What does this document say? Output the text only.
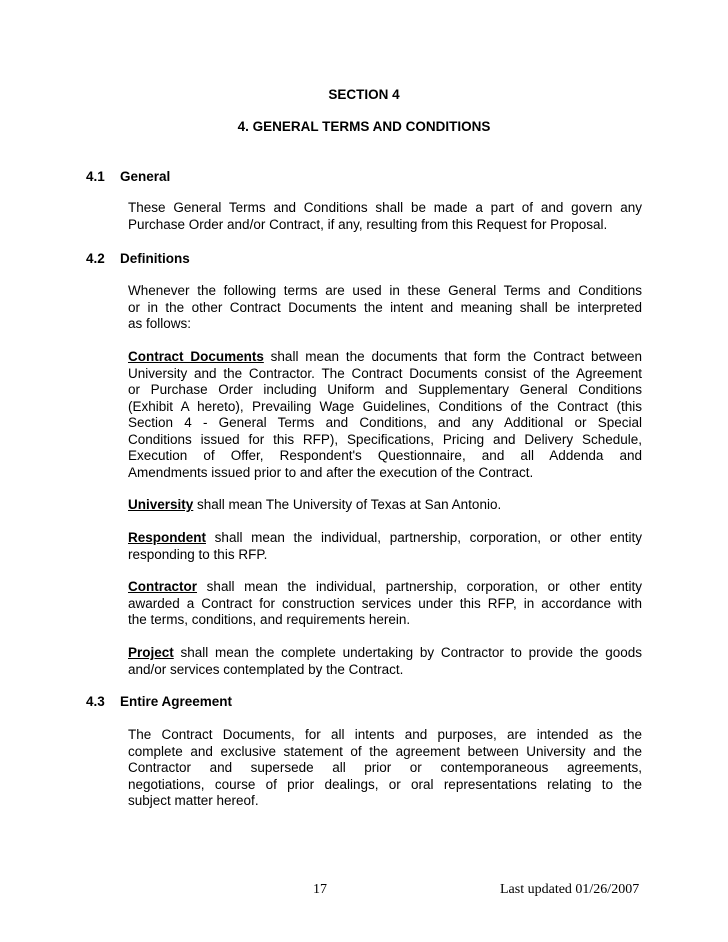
SECTION 4
4. GENERAL TERMS AND CONDITIONS
4.1 General
These General Terms and Conditions shall be made a part of and govern any
Purchase Order and/or Contract, if any, resulting from this Request for Proposal.
4.2 Definitions
Whenever the following terms are used in these General Terms and Conditions
or in the other Contract Documents the intent and meaning shall be interpreted
as follows:
Contract Documents shall mean the documents that form the Contract between
University and the Contractor. The Contract Documents consist of the Agreement
or Purchase Order including Uniform and Supplementary General Conditions
(Exhibit A hereto), Prevailing Wage Guidelines, Conditions of the Contract (this
Section 4 - General Terms and Conditions, and any Additional or Special
Conditions issued for this RFP), Specifications, Pricing and Delivery Schedule,
Execution of Offer, Respondent's Questionnaire, and all Addenda and
Amendments issued prior to and after the execution of the Contract.
University shall mean The University of Texas at San Antonio.
Respondent shall mean the individual, partnership, corporation, or other entity
responding to this RFP.
Contractor shall mean the individual, partnership, corporation, or other entity
awarded a Contract for construction services under this RFP, in accordance with
the terms, conditions, and requirements herein.
Project shall mean the complete undertaking by Contractor to provide the goods
and/or services contemplated by the Contract.
4.3 Entire Agreement
The Contract Documents, for all intents and purposes, are intended as the
complete and exclusive statement of the agreement between University and the
Contractor and supersede all prior or contemporaneous agreements,
negotiations, course of prior dealings, or oral representations relating to the
subject matter hereof.
17	Last updated 01/26/2007
